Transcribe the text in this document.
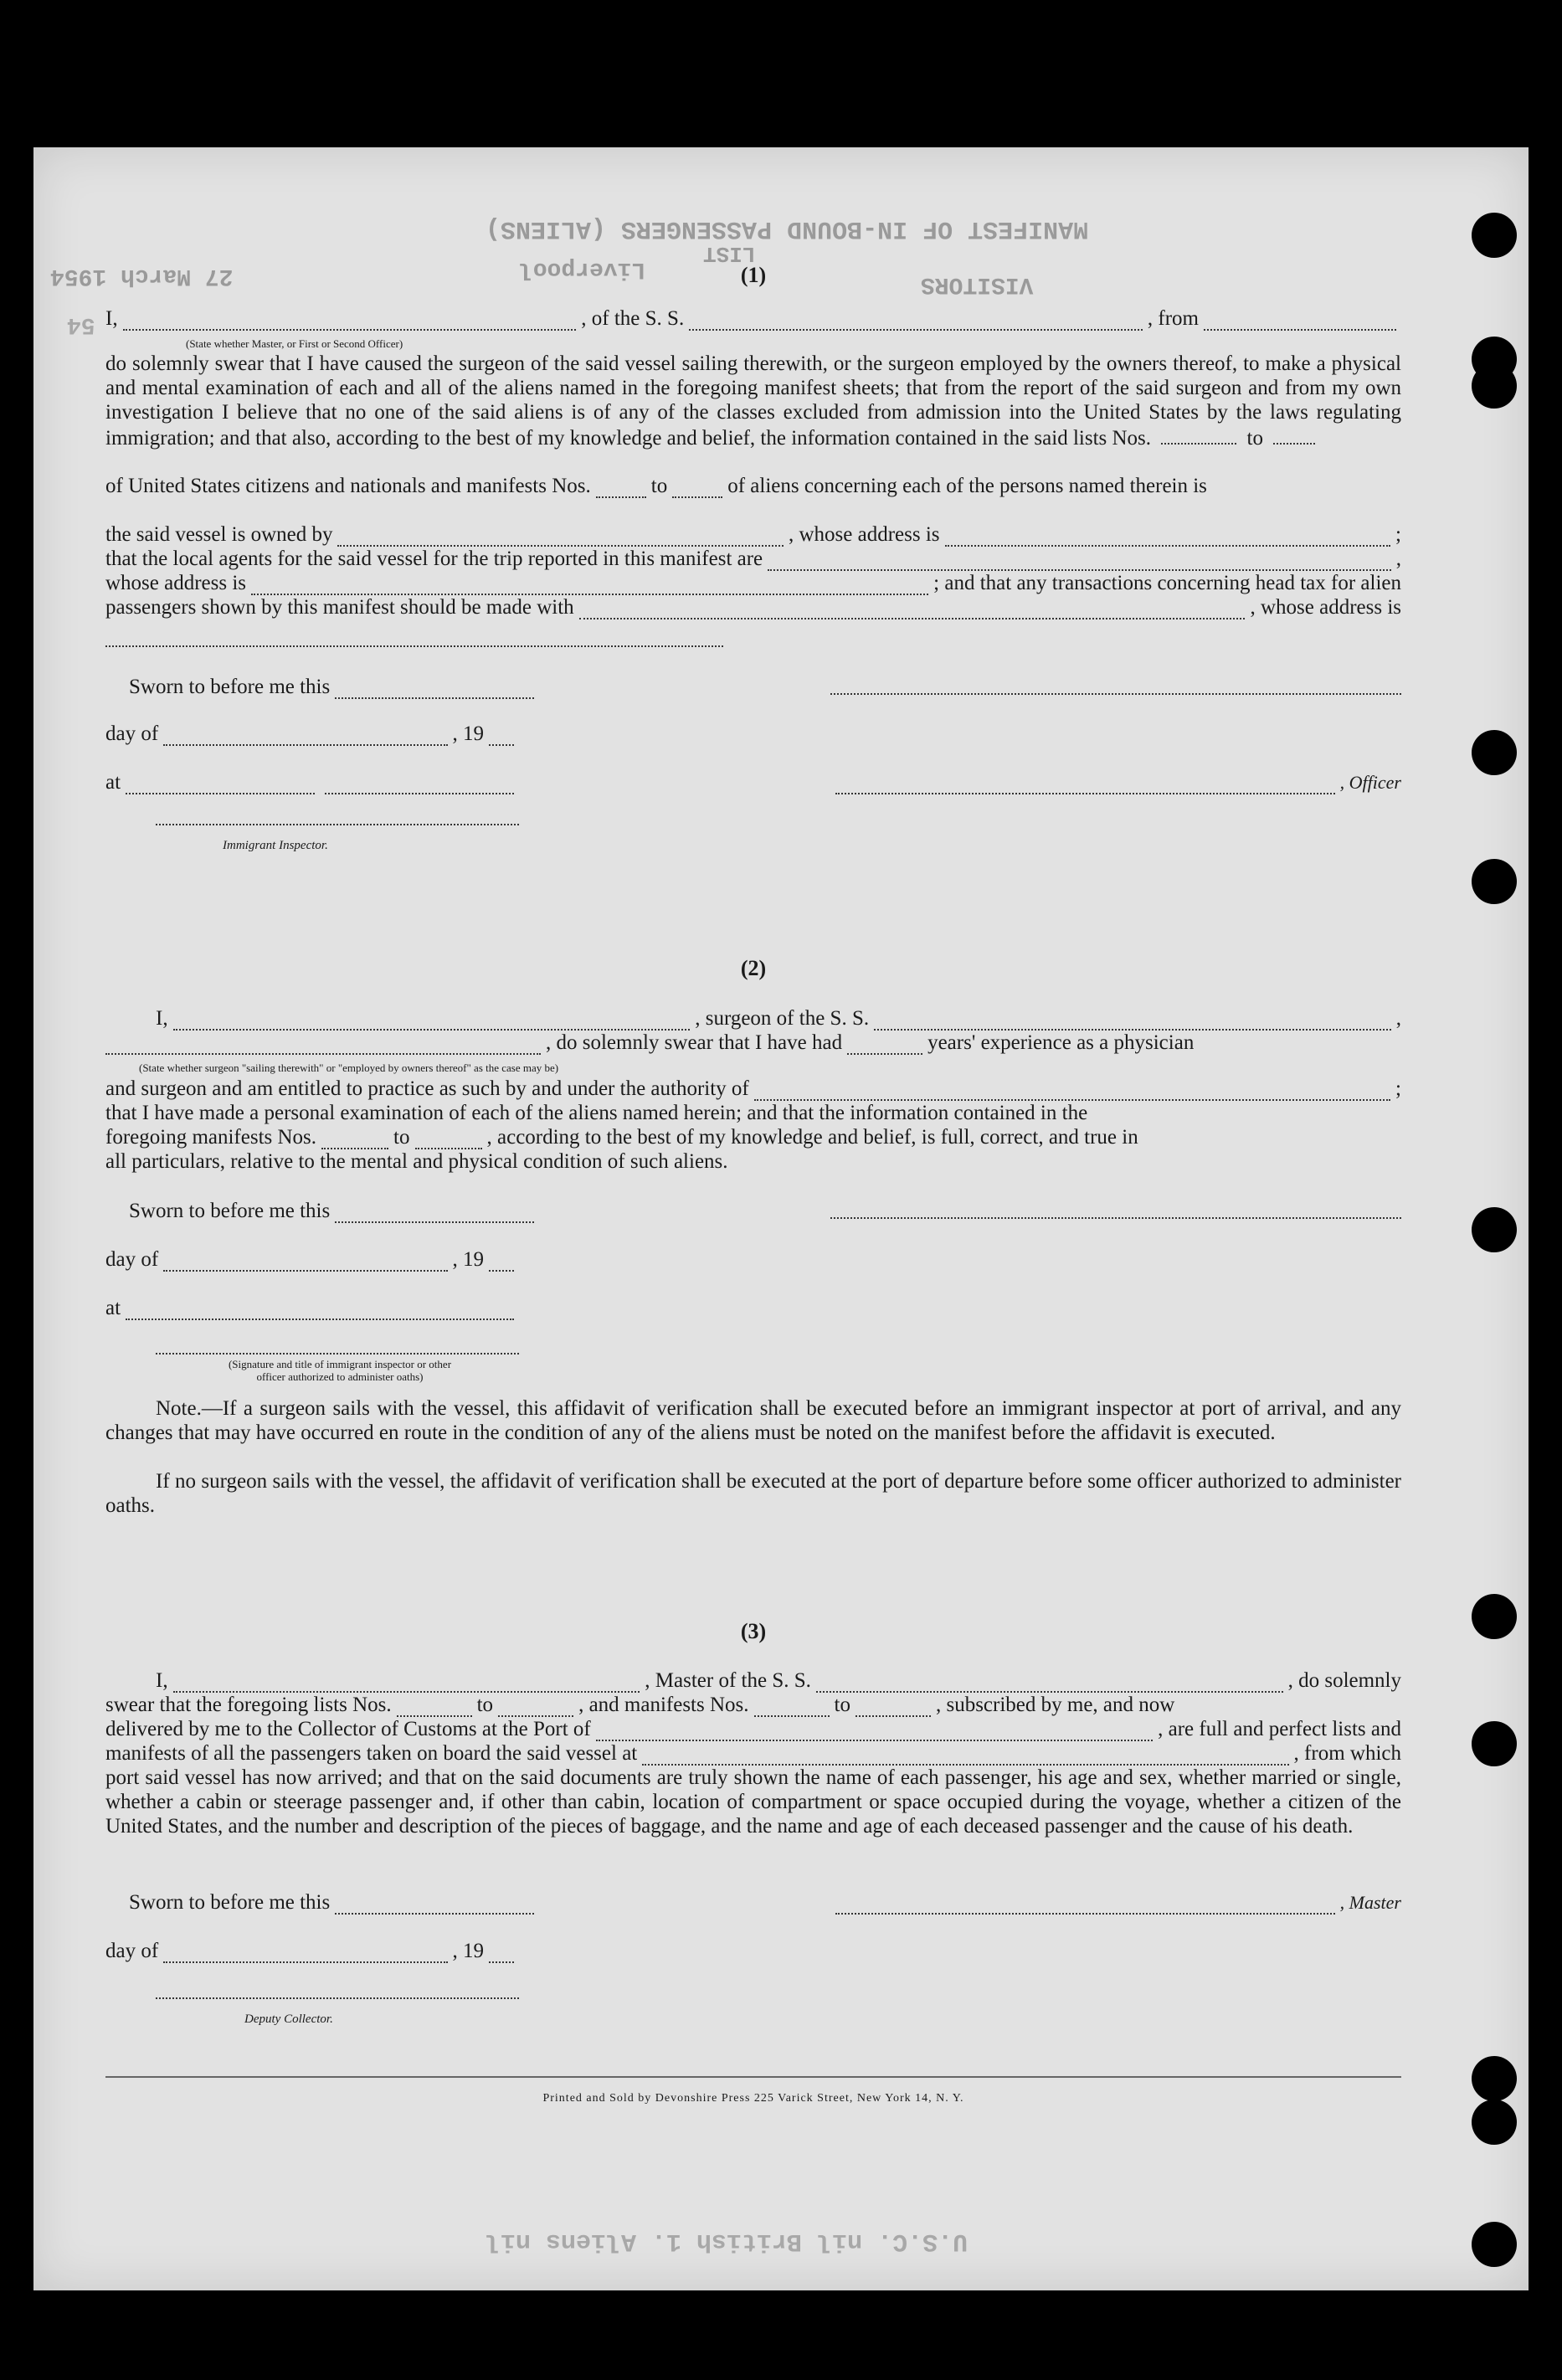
MANIFEST OF IN-BOUND PASSENGERS (ALIENS)
27 March 1954	Liverpool
LIST
VISITORS
54
U.S.C. nil British 1. Aliens nil
(1)
I,	, of the S. S.	, from
(State whether Master, or First or Second Officer)
do solemnly swear that I have caused the surgeon of the said vessel sailing therewith, or the surgeon employed by the owners thereof, to make a physical and mental examination of each and all of the aliens named in the foregoing manifest sheets; that from the report of the said surgeon and from my own investigation I believe that no one of the said aliens is of any of the classes excluded from admission into the United States by the laws regulating immigration; and that also, according to the best of my knowledge and belief, the information contained in the said lists Nos.	to

of United States citizens and nationals and manifests Nos.	to	of aliens concerning each of the persons named therein is
the said vessel is owned by	, whose address is	;
that the local agents for the said vessel for the trip reported in this manifest are	,
whose address is	; and that any transactions concerning head tax for alien
passengers shown by this manifest should be made with	, whose address is
Sworn to before me this
day of	, 19
at	, Officer
Immigrant Inspector.
(2)
I,	, surgeon of the S. S.	,
, do solemnly swear that I have had	years' experience as a physician
(State whether surgeon "sailing therewith" or "employed by owners thereof" as the case may be)
and surgeon and am entitled to practice as such by and under the authority of	;
that I have made a personal examination of each of the aliens named herein; and that the information contained in the
foregoing manifests Nos.	to	, according to the best of my knowledge and belief, is full, correct, and true in
all particulars, relative to the mental and physical condition of such aliens.
Sworn to before me this
day of	, 19
at
(Signature and title of immigrant inspector or other officer authorized to administer oaths)
Note.—If a surgeon sails with the vessel, this affidavit of verification shall be executed before an immigrant inspector at port of arrival, and any changes that may have occurred en route in the condition of any of the aliens must be noted on the manifest before the affidavit is executed.
If no surgeon sails with the vessel, the affidavit of verification shall be executed at the port of departure before some officer authorized to administer oaths.
(3)
I,	, Master of the S. S.	, do solemnly
swear that the foregoing lists Nos.	to	, and manifests Nos.	to	, subscribed by me, and now
delivered by me to the Collector of Customs at the Port of	, are full and perfect lists and
manifests of all the passengers taken on board the said vessel at	, from which
port said vessel has now arrived; and that on the said documents are truly shown the name of each passenger, his age and sex, whether married or single, whether a cabin or steerage passenger and, if other than cabin, location of compartment or space occupied during the voyage, whether a citizen of the United States, and the number and description of the pieces of baggage, and the name and age of each deceased passenger and the cause of his death.
Sworn to before me this	, Master
day of	, 19
Deputy Collector.
Printed and Sold by Devonshire Press 225 Varick Street, New York 14, N. Y.
